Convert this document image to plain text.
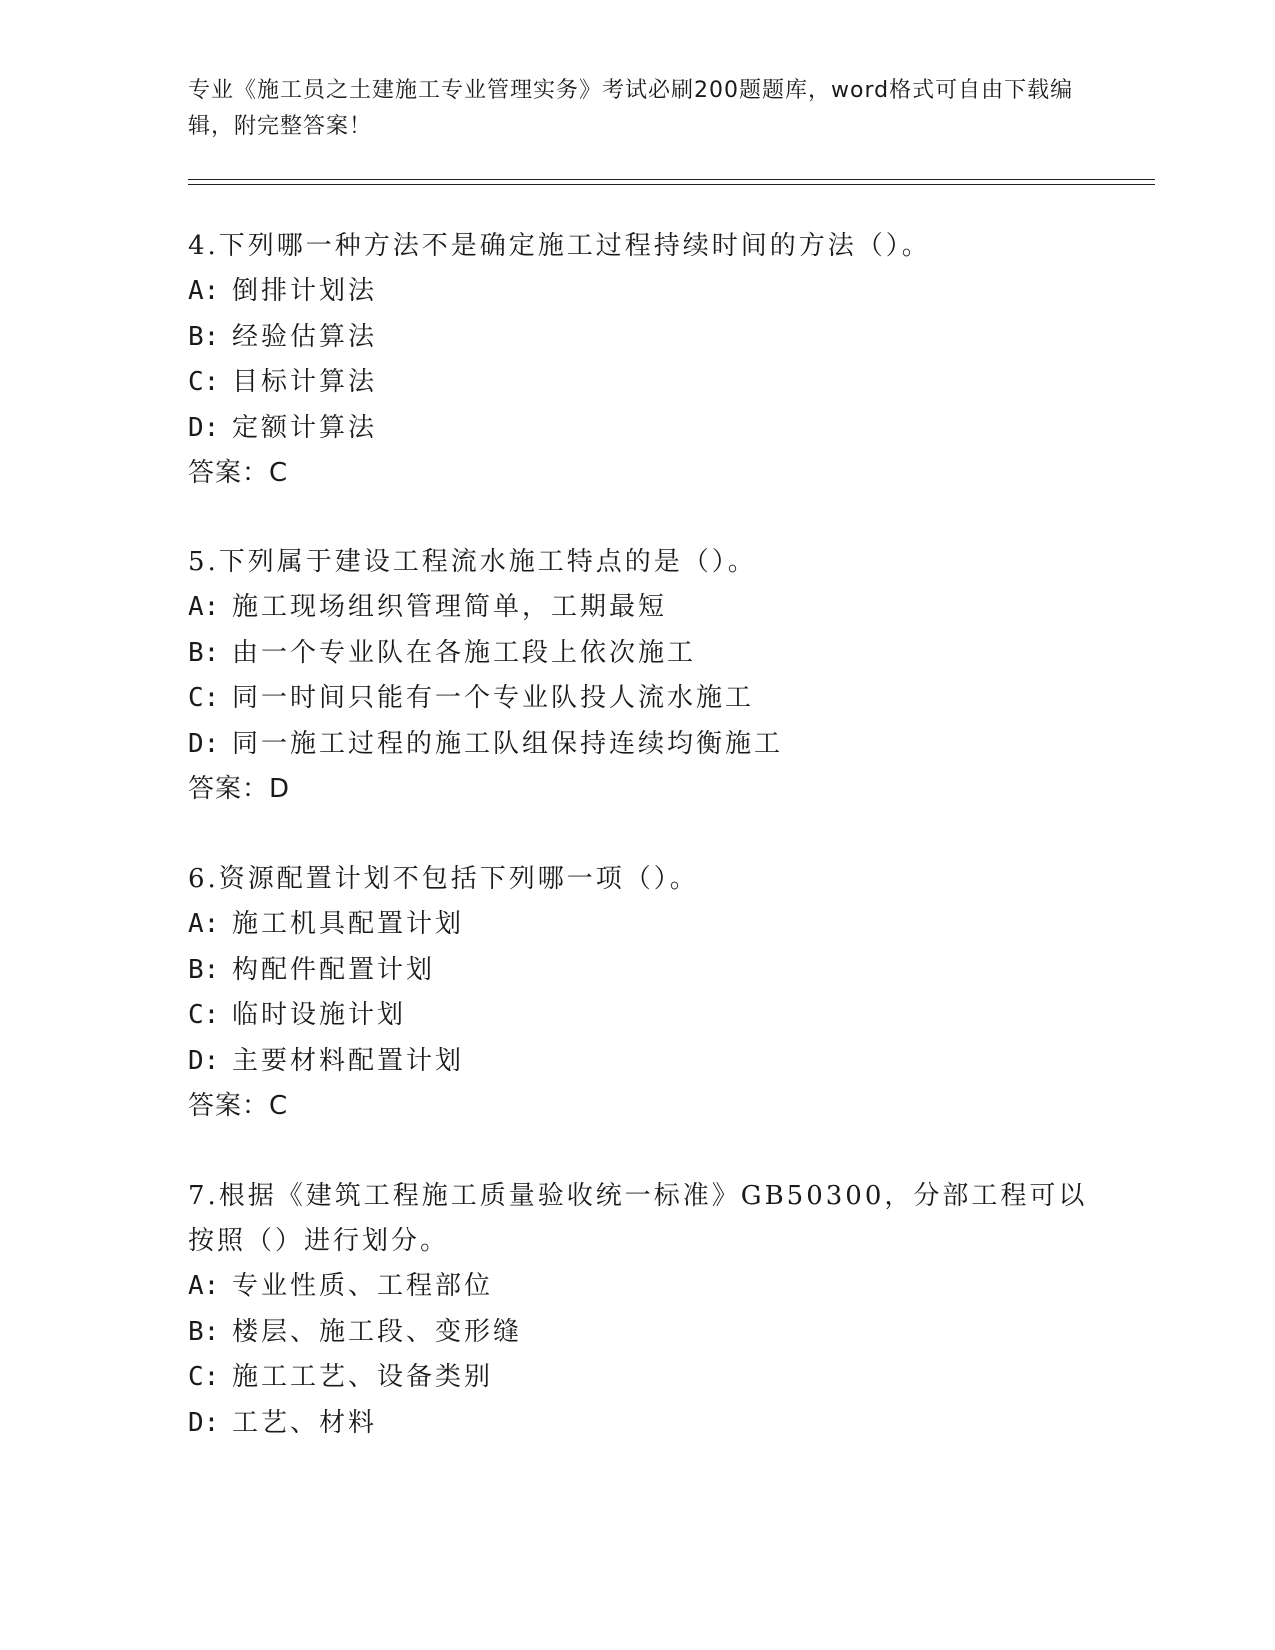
专业《施工员之土建施工专业管理实务》考试必刷200题题库，word格式可自由下载编辑，附完整答案！

4.下列哪一种方法不是确定施工过程持续时间的方法（）。

A: 倒排计划法
B: 经验估算法
C: 目标计算法
D: 定额计算法
答案：C

5.下列属于建设工程流水施工特点的是（）。

A: 施工现场组织管理简单，工期最短
B: 由一个专业队在各施工段上依次施工
C: 同一时间只能有一个专业队投人流水施工
D: 同一施工过程的施工队组保持连续均衡施工
答案：D

6.资源配置计划不包括下列哪一项（）。

A: 施工机具配置计划
B: 构配件配置计划
C: 临时设施计划
D: 主要材料配置计划
答案：C

7.根据《建筑工程施工质量验收统一标准》GB50300，分部工程可以按照（）进行划分。

A: 专业性质、工程部位
B: 楼层、施工段、变形缝
C: 施工工艺、设备类别
D: 工艺、材料
